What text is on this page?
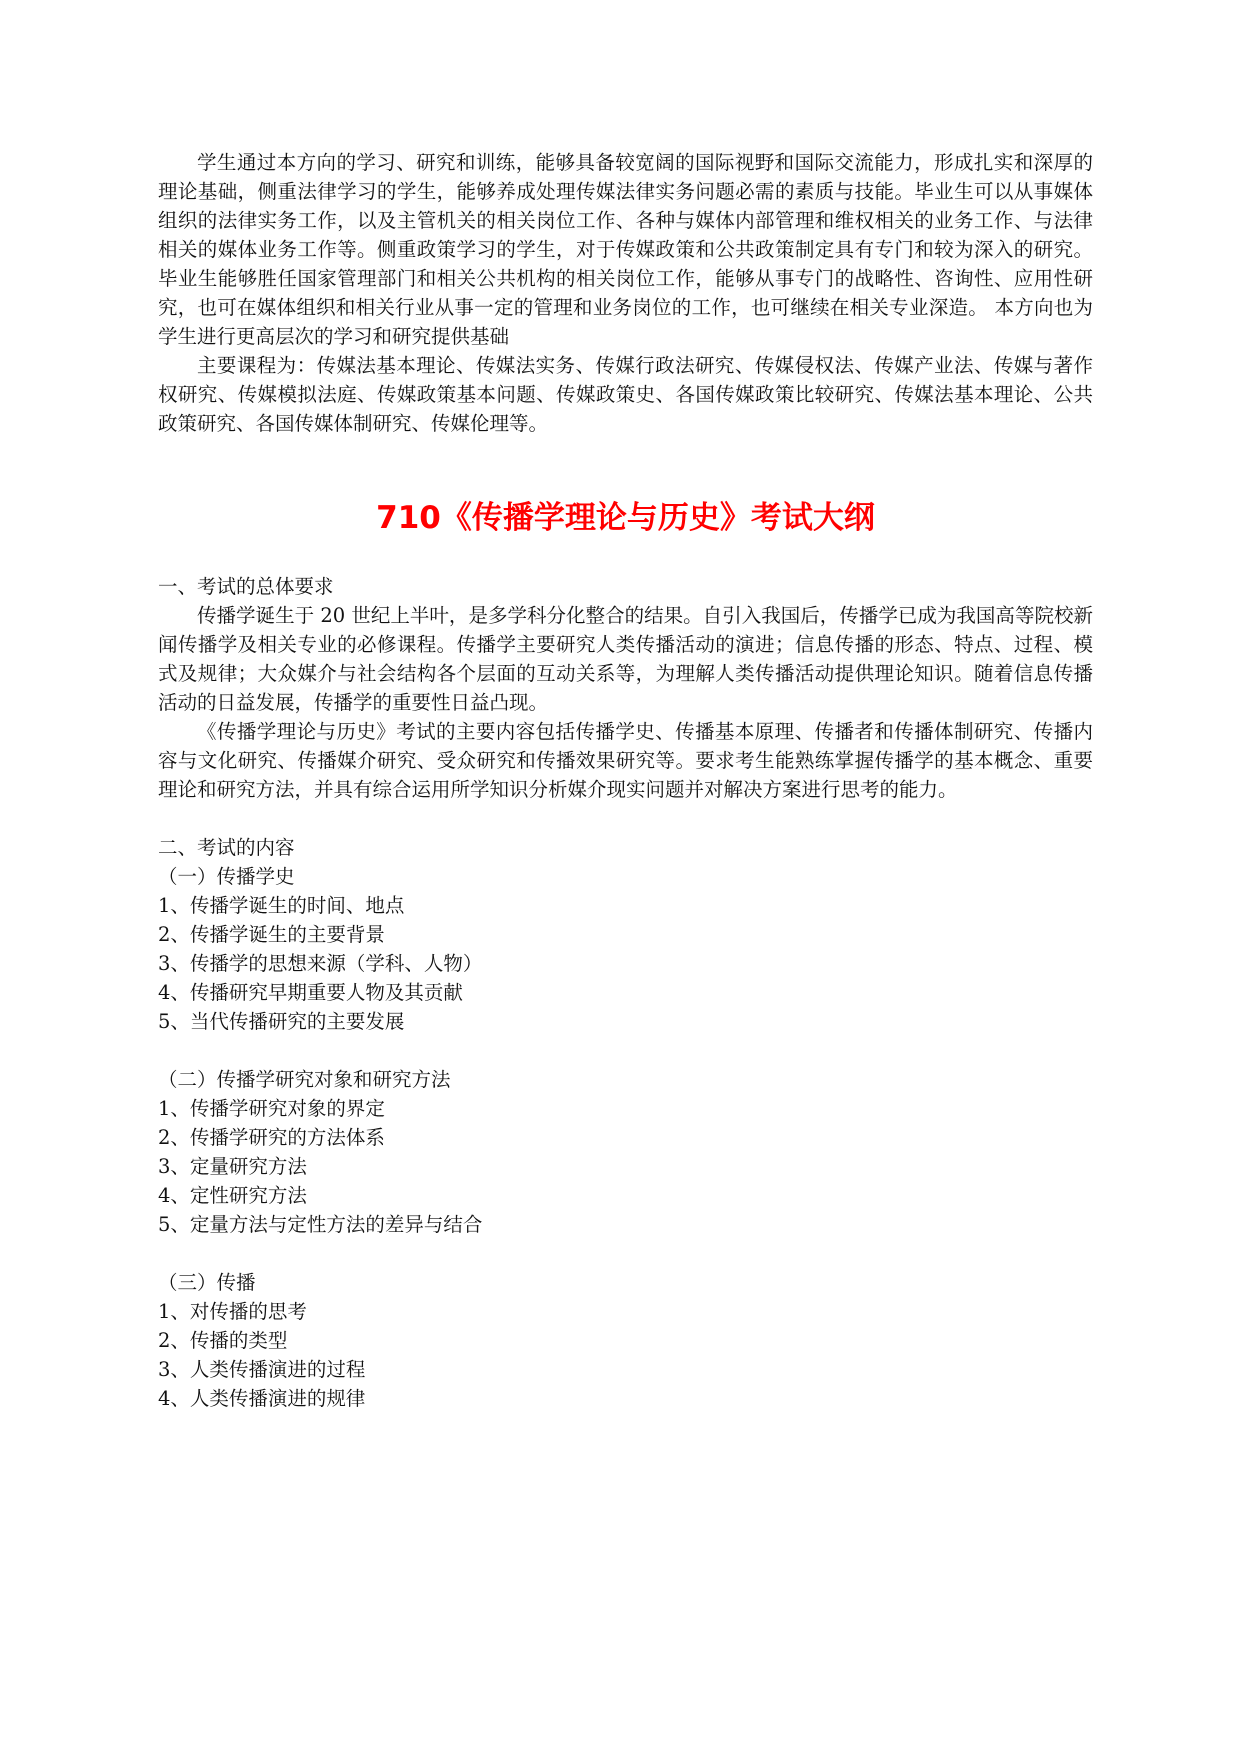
学生通过本方向的学习、研究和训练，能够具备较宽阔的国际视野和国际交流能力，形成扎实和深厚的理论基础，侧重法律学习的学生，能够养成处理传媒法律实务问题必需的素质与技能。毕业生可以从事媒体组织的法律实务工作，以及主管机关的相关岗位工作、各种与媒体内部管理和维权相关的业务工作、与法律相关的媒体业务工作等。侧重政策学习的学生，对于传媒政策和公共政策制定具有专门和较为深入的研究。毕业生能够胜任国家管理部门和相关公共机构的相关岗位工作，能够从事专门的战略性、咨询性、应用性研究，也可在媒体组织和相关行业从事一定的管理和业务岗位的工作，也可继续在相关专业深造。 本方向也为学生进行更高层次的学习和研究提供基础

主要课程为：传媒法基本理论、传媒法实务、传媒行政法研究、传媒侵权法、传媒产业法、传媒与著作权研究、传媒模拟法庭、传媒政策基本问题、传媒政策史、各国传媒政策比较研究、传媒法基本理论、公共政策研究、各国传媒体制研究、传媒伦理等。

710《传播学理论与历史》考试大纲

一、考试的总体要求

传播学诞生于 20 世纪上半叶，是多学科分化整合的结果。自引入我国后，传播学已成为我国高等院校新闻传播学及相关专业的必修课程。传播学主要研究人类传播活动的演进；信息传播的形态、特点、过程、模式及规律；大众媒介与社会结构各个层面的互动关系等，为理解人类传播活动提供理论知识。随着信息传播活动的日益发展，传播学的重要性日益凸现。

《传播学理论与历史》考试的主要内容包括传播学史、传播基本原理、传播者和传播体制研究、传播内容与文化研究、传播媒介研究、受众研究和传播效果研究等。要求考生能熟练掌握传播学的基本概念、重要理论和研究方法，并具有综合运用所学知识分析媒介现实问题并对解决方案进行思考的能力。

二、考试的内容

（一）传播学史

1、传播学诞生的时间、地点

2、传播学诞生的主要背景

3、传播学的思想来源（学科、人物）

4、传播研究早期重要人物及其贡献

5、当代传播研究的主要发展

（二）传播学研究对象和研究方法

1、传播学研究对象的界定

2、传播学研究的方法体系

3、定量研究方法

4、定性研究方法

5、定量方法与定性方法的差异与结合

（三）传播

1、对传播的思考

2、传播的类型

3、人类传播演进的过程

4、人类传播演进的规律
